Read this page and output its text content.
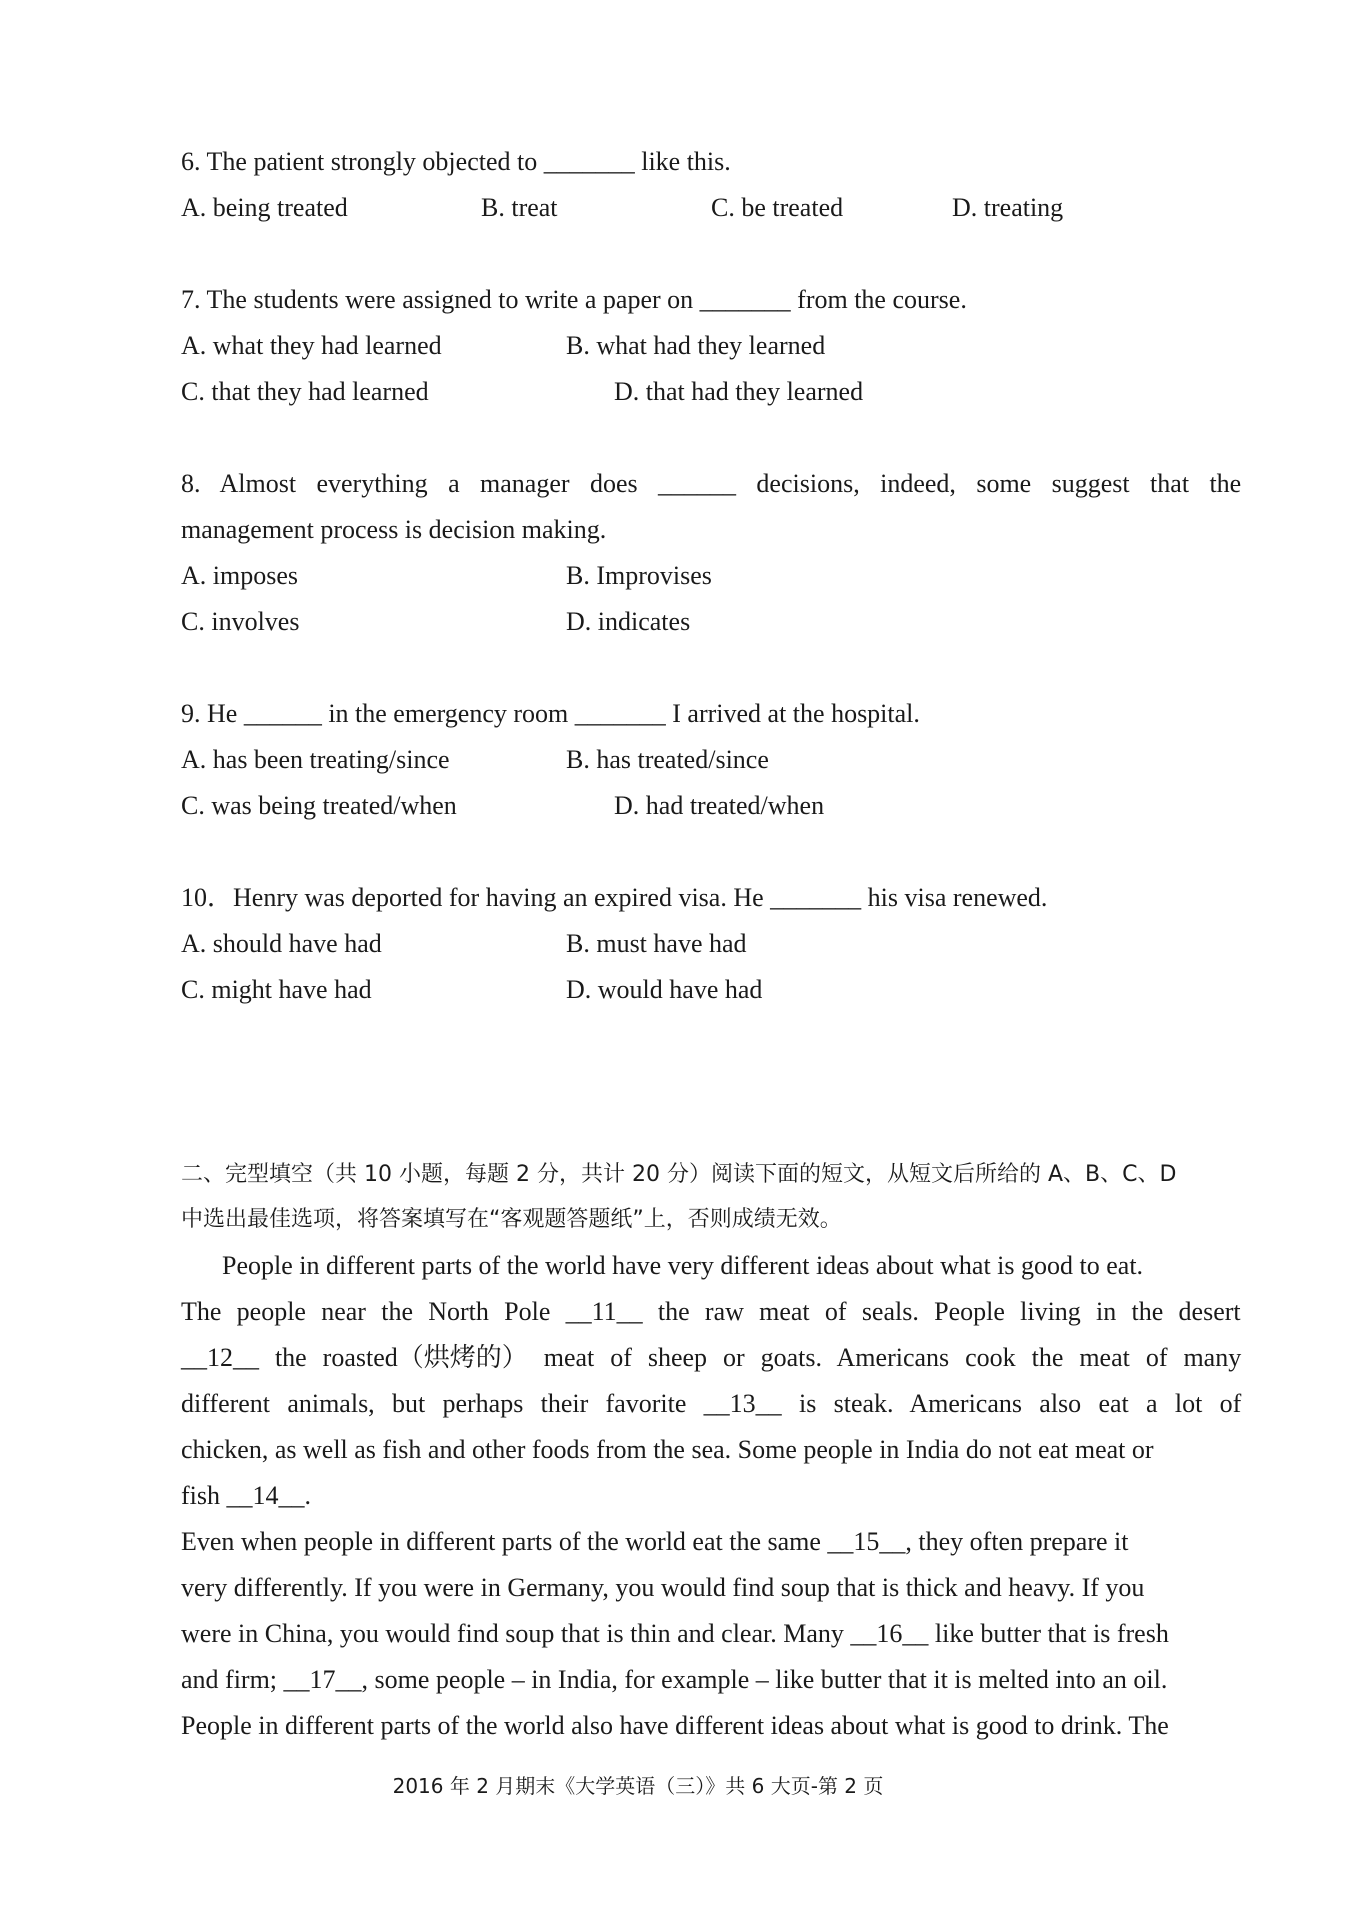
6. The patient strongly objected to _______ like this.
A. being treated	B. treat	C. be treated	D. treating
7. The students were assigned to write a paper on _______ from the course.
A. what they had learned	B. what had they learned
C. that they had learned	D. that had they learned
8. Almost everything a manager does ______ decisions, indeed, some suggest that the
management process is decision making.
A. imposes	B. Improvises
C. involves	D. indicates
9. He ______ in the emergency room _______ I arrived at the hospital.
A. has been treating/since	B. has treated/since
C. was being treated/when	D. had treated/when
10．Henry was deported for having an expired visa. He _______ his visa renewed.
A. should have had	B. must have had
C. might have had	D. would have had
二、完型填空（共 10 小题，每题 2 分，共计 20 分）阅读下面的短文，从短文后所给的 A、B、C、D
中选出最佳选项，将答案填写在“客观题答题纸”上，否则成绩无效。
People in different parts of the world have very different ideas about what is good to eat.
The people near the North Pole __11__ the raw meat of seals. People living in the desert
__12__ the roasted（烘烤的） meat of sheep or goats. Americans cook the meat of many
different animals, but perhaps their favorite __13__ is steak. Americans also eat a lot of
chicken, as well as fish and other foods from the sea. Some people in India do not eat meat or
fish __14__.
Even when people in different parts of the world eat the same __15__, they often prepare it
very differently. If you were in Germany, you would find soup that is thick and heavy. If you
were in China, you would find soup that is thin and clear. Many __16__ like butter that is fresh
and firm; __17__, some people – in India, for example – like butter that it is melted into an oil.
People in different parts of the world also have different ideas about what is good to drink. The
2016 年 2 月期末《大学英语（三）》共 6 大页-第 2 页
